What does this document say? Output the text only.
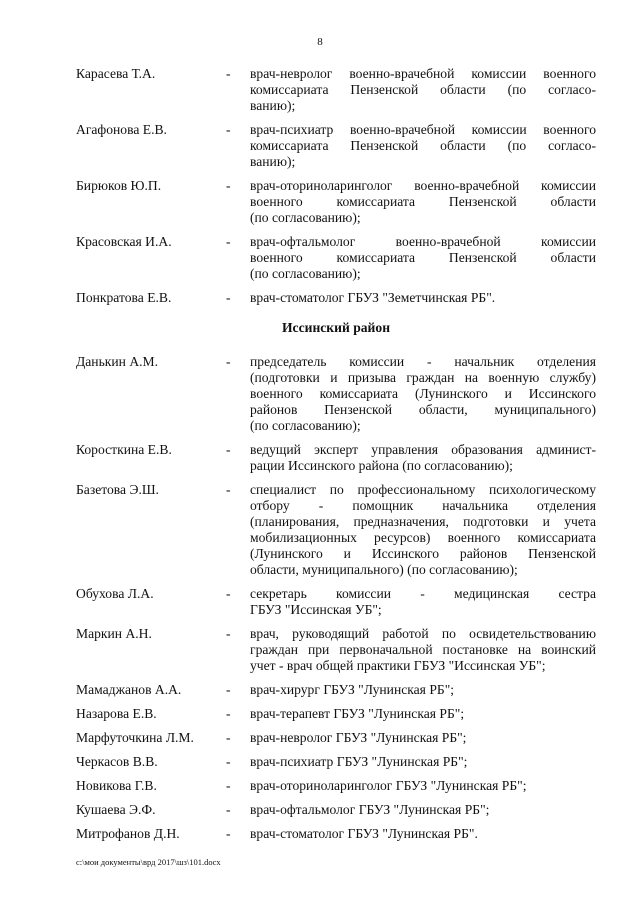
8
Карасева Т.А.	-	врач-невролог военно-врачебной комиссии военного
комиссариата Пензенской области (по согласо-
ванию);
Агафонова Е.В.	-	врач-психиатр военно-врачебной комиссии военного
комиссариата Пензенской области (по согласо-
ванию);
Бирюков Ю.П.	-	врач-оториноларинголог военно-врачебной комиссии
военного комиссариата Пензенской области
(по согласованию);
Красовская И.А.	-	врач-офтальмолог военно-врачебной комиссии
военного комиссариата Пензенской области
(по согласованию);
Понкратова Е.В.	-	врач-стоматолог ГБУЗ "Земетчинская РБ".
Иссинский район
Данькин А.М.	-	председатель комиссии - начальник отделения
(подготовки и призыва граждан на военную службу)
военного комиссариата (Лунинского и Иссинского
районов Пензенской области, муниципального)
(по согласованию);
Коросткина Е.В.	-	ведущий эксперт управления образования админист-
рации Иссинского района (по согласованию);
Базетова Э.Ш.	-	специалист по профессиональному психологическому
отбору - помощник начальника отделения
(планирования, предназначения, подготовки и учета
мобилизационных ресурсов) военного комиссариата
(Лунинского и Иссинского районов Пензенской
области, муниципального) (по согласованию);
Обухова Л.А.	-	секретарь комиссии - медицинская сестра
ГБУЗ "Иссинская УБ";
Маркин А.Н.	-	врач, руководящий работой по освидетельствованию
граждан при первоначальной постановке на воинский
учет - врач общей практики ГБУЗ "Иссинская УБ";
Мамаджанов А.А.	-	врач-хирург ГБУЗ "Лунинская РБ";
Назарова Е.В.	-	врач-терапевт ГБУЗ "Лунинская РБ";
Марфуточкина Л.М.	-	врач-невролог ГБУЗ "Лунинская РБ";
Черкасов В.В.	-	врач-психиатр ГБУЗ "Лунинская РБ";
Новикова Г.В.	-	врач-оториноларинголог ГБУЗ "Лунинская РБ";
Кушаева Э.Ф.	-	врач-офтальмолог ГБУЗ "Лунинская РБ";
Митрофанов Д.Н.	-	врач-стоматолог ГБУЗ "Лунинская РБ".
c:\мои документы\врд 2017\шз\101.docx
